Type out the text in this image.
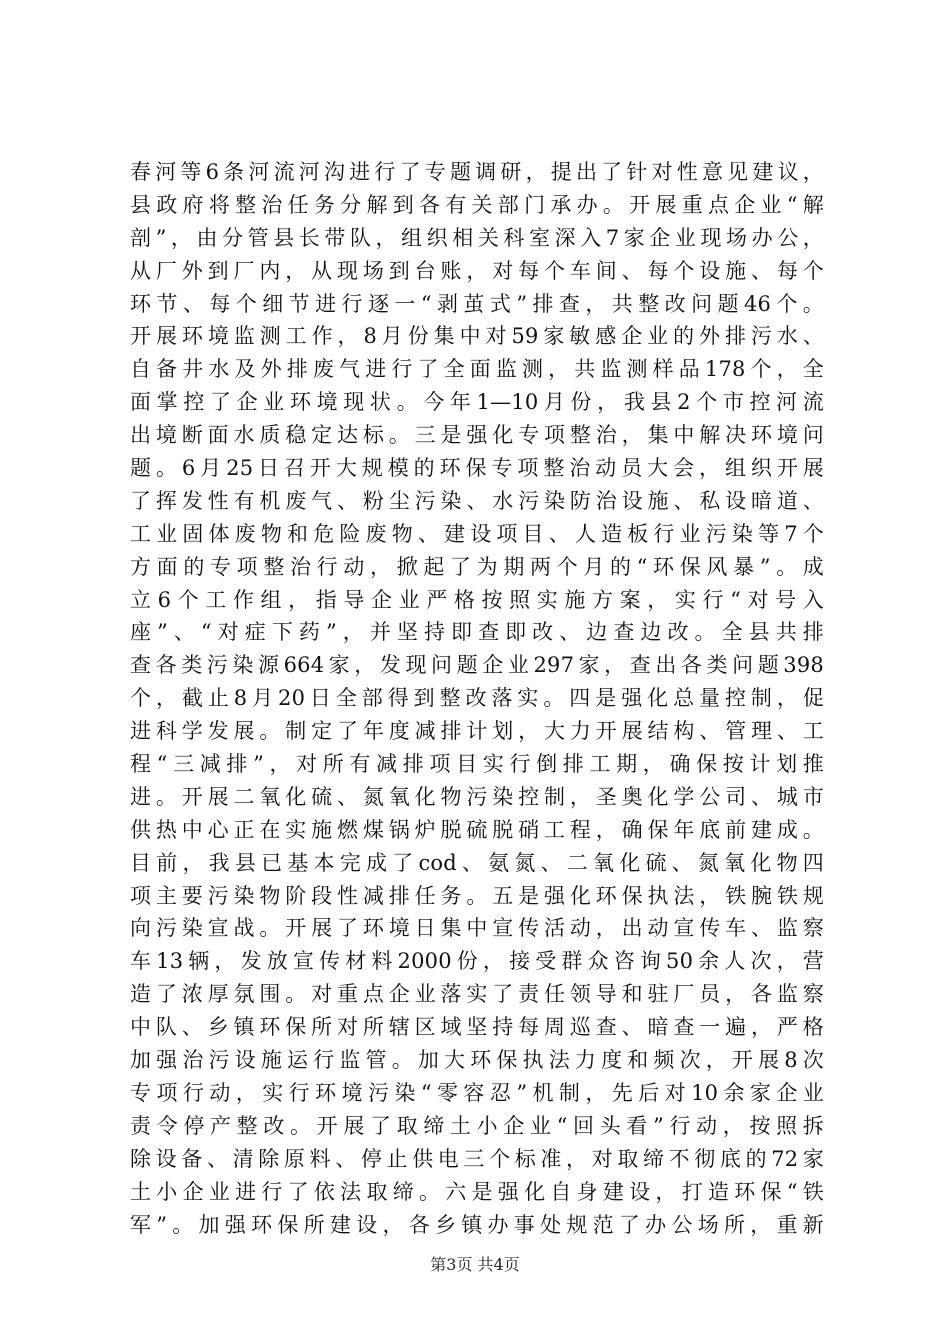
春河等6条河流河沟进行了专题调研，提出了针对性意见建议，
县政府将整治任务分解到各有关部门承办。开展重点企业“解
剖”，由分管县长带队，组织相关科室深入7家企业现场办公，
从厂外到厂内，从现场到台账，对每个车间、每个设施、每个
环节、每个细节进行逐一“剥茧式”排查，共整改问题46个。
开展环境监测工作，8月份集中对59家敏感企业的外排污水、
自备井水及外排废气进行了全面监测，共监测样品178个，全
面掌控了企业环境现状。今年1—10月份，我县2个市控河流
出境断面水质稳定达标。三是强化专项整治，集中解决环境问
题。6月25日召开大规模的环保专项整治动员大会，组织开展
了挥发性有机废气、粉尘污染、水污染防治设施、私设暗道、
工业固体废物和危险废物、建设项目、人造板行业污染等7个
方面的专项整治行动，掀起了为期两个月的“环保风暴”。成
立6个工作组，指导企业严格按照实施方案，实行“对号入
座”、“对症下药”，并坚持即查即改、边查边改。全县共排
查各类污染源664家，发现问题企业297家，查出各类问题398
个，截止8月20日全部得到整改落实。四是强化总量控制，促
进科学发展。制定了年度减排计划，大力开展结构、管理、工
程“三减排”，对所有减排项目实行倒排工期，确保按计划推
进。开展二氧化硫、氮氧化物污染控制，圣奥化学公司、城市
供热中心正在实施燃煤锅炉脱硫脱硝工程，确保年底前建成。
目前，我县已基本完成了cod、氨氮、二氧化硫、氮氧化物四
项主要污染物阶段性减排任务。五是强化环保执法，铁腕铁规
向污染宣战。开展了环境日集中宣传活动，出动宣传车、监察
车13辆，发放宣传材料2000份，接受群众咨询50余人次，营
造了浓厚氛围。对重点企业落实了责任领导和驻厂员，各监察
中队、乡镇环保所对所辖区域坚持每周巡查、暗查一遍，严格
加强治污设施运行监管。加大环保执法力度和频次，开展8次
专项行动，实行环境污染“零容忍”机制，先后对10余家企业
责令停产整改。开展了取缔土小企业“回头看”行动，按照拆
除设备、清除原料、停止供电三个标准，对取缔不彻底的72家
土小企业进行了依法取缔。六是强化自身建设，打造环保“铁
军”。加强环保所建设，各乡镇办事处规范了办公场所，重新
第3页 共4页
